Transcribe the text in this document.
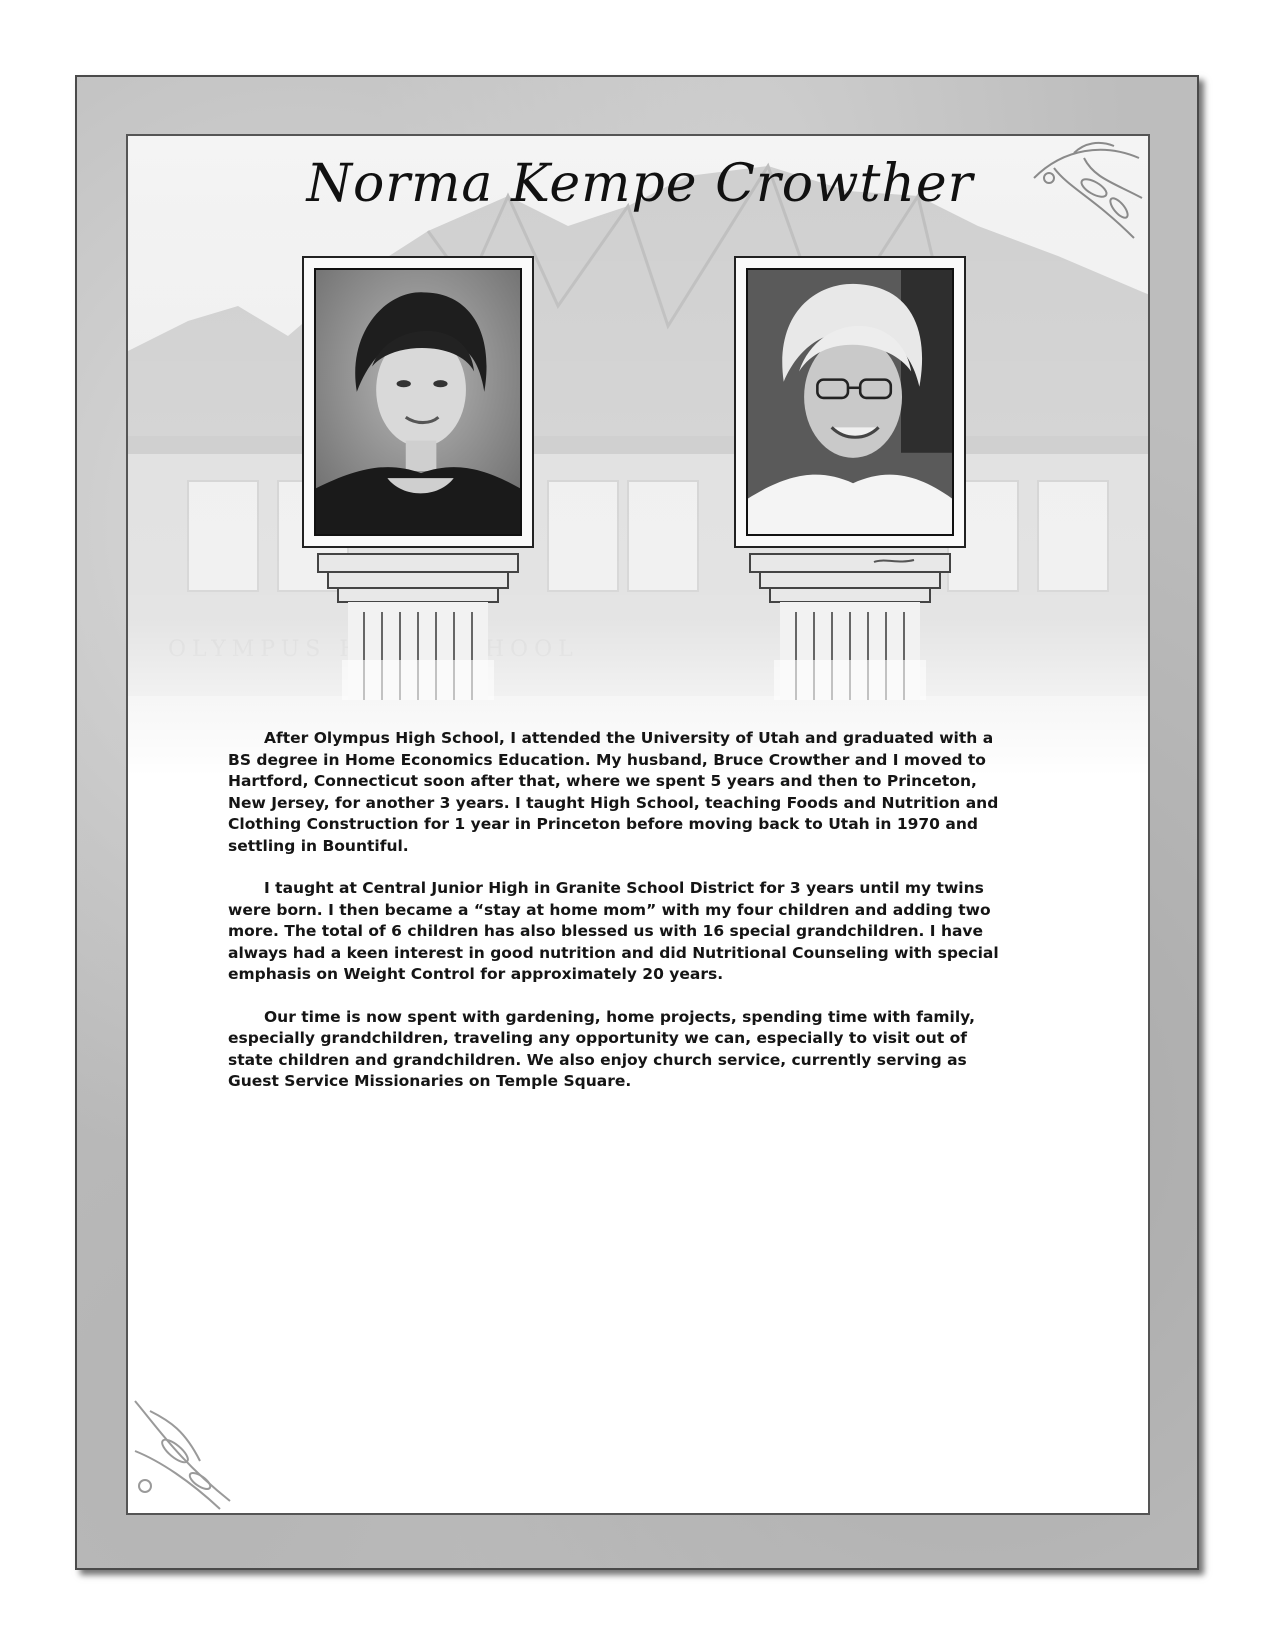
Norma Kempe Crowther

After Olympus High School, I attended the University of Utah and graduated with a BS degree in Home Economics Education. My husband, Bruce Crowther and I moved to Hartford, Connecticut soon after that, where we spent 5 years and then to Princeton, New Jersey, for another 3 years. I taught High School, teaching Foods and Nutrition and Clothing Construction for 1 year in Princeton before moving back to Utah in 1970 and settling in Bountiful.

I taught at Central Junior High in Granite School District for 3 years until my twins were born. I then became a “stay at home mom” with my four children and adding two more. The total of 6 children has also blessed us with 16 special grandchildren. I have always had a keen interest in good nutrition and did Nutritional Counseling with special emphasis on Weight Control for approximately 20 years.

Our time is now spent with gardening, home projects, spending time with family, especially grandchildren, traveling any opportunity we can, especially to visit out of state children and grandchildren. We also enjoy church service, currently serving as Guest Service Missionaries on Temple Square.
